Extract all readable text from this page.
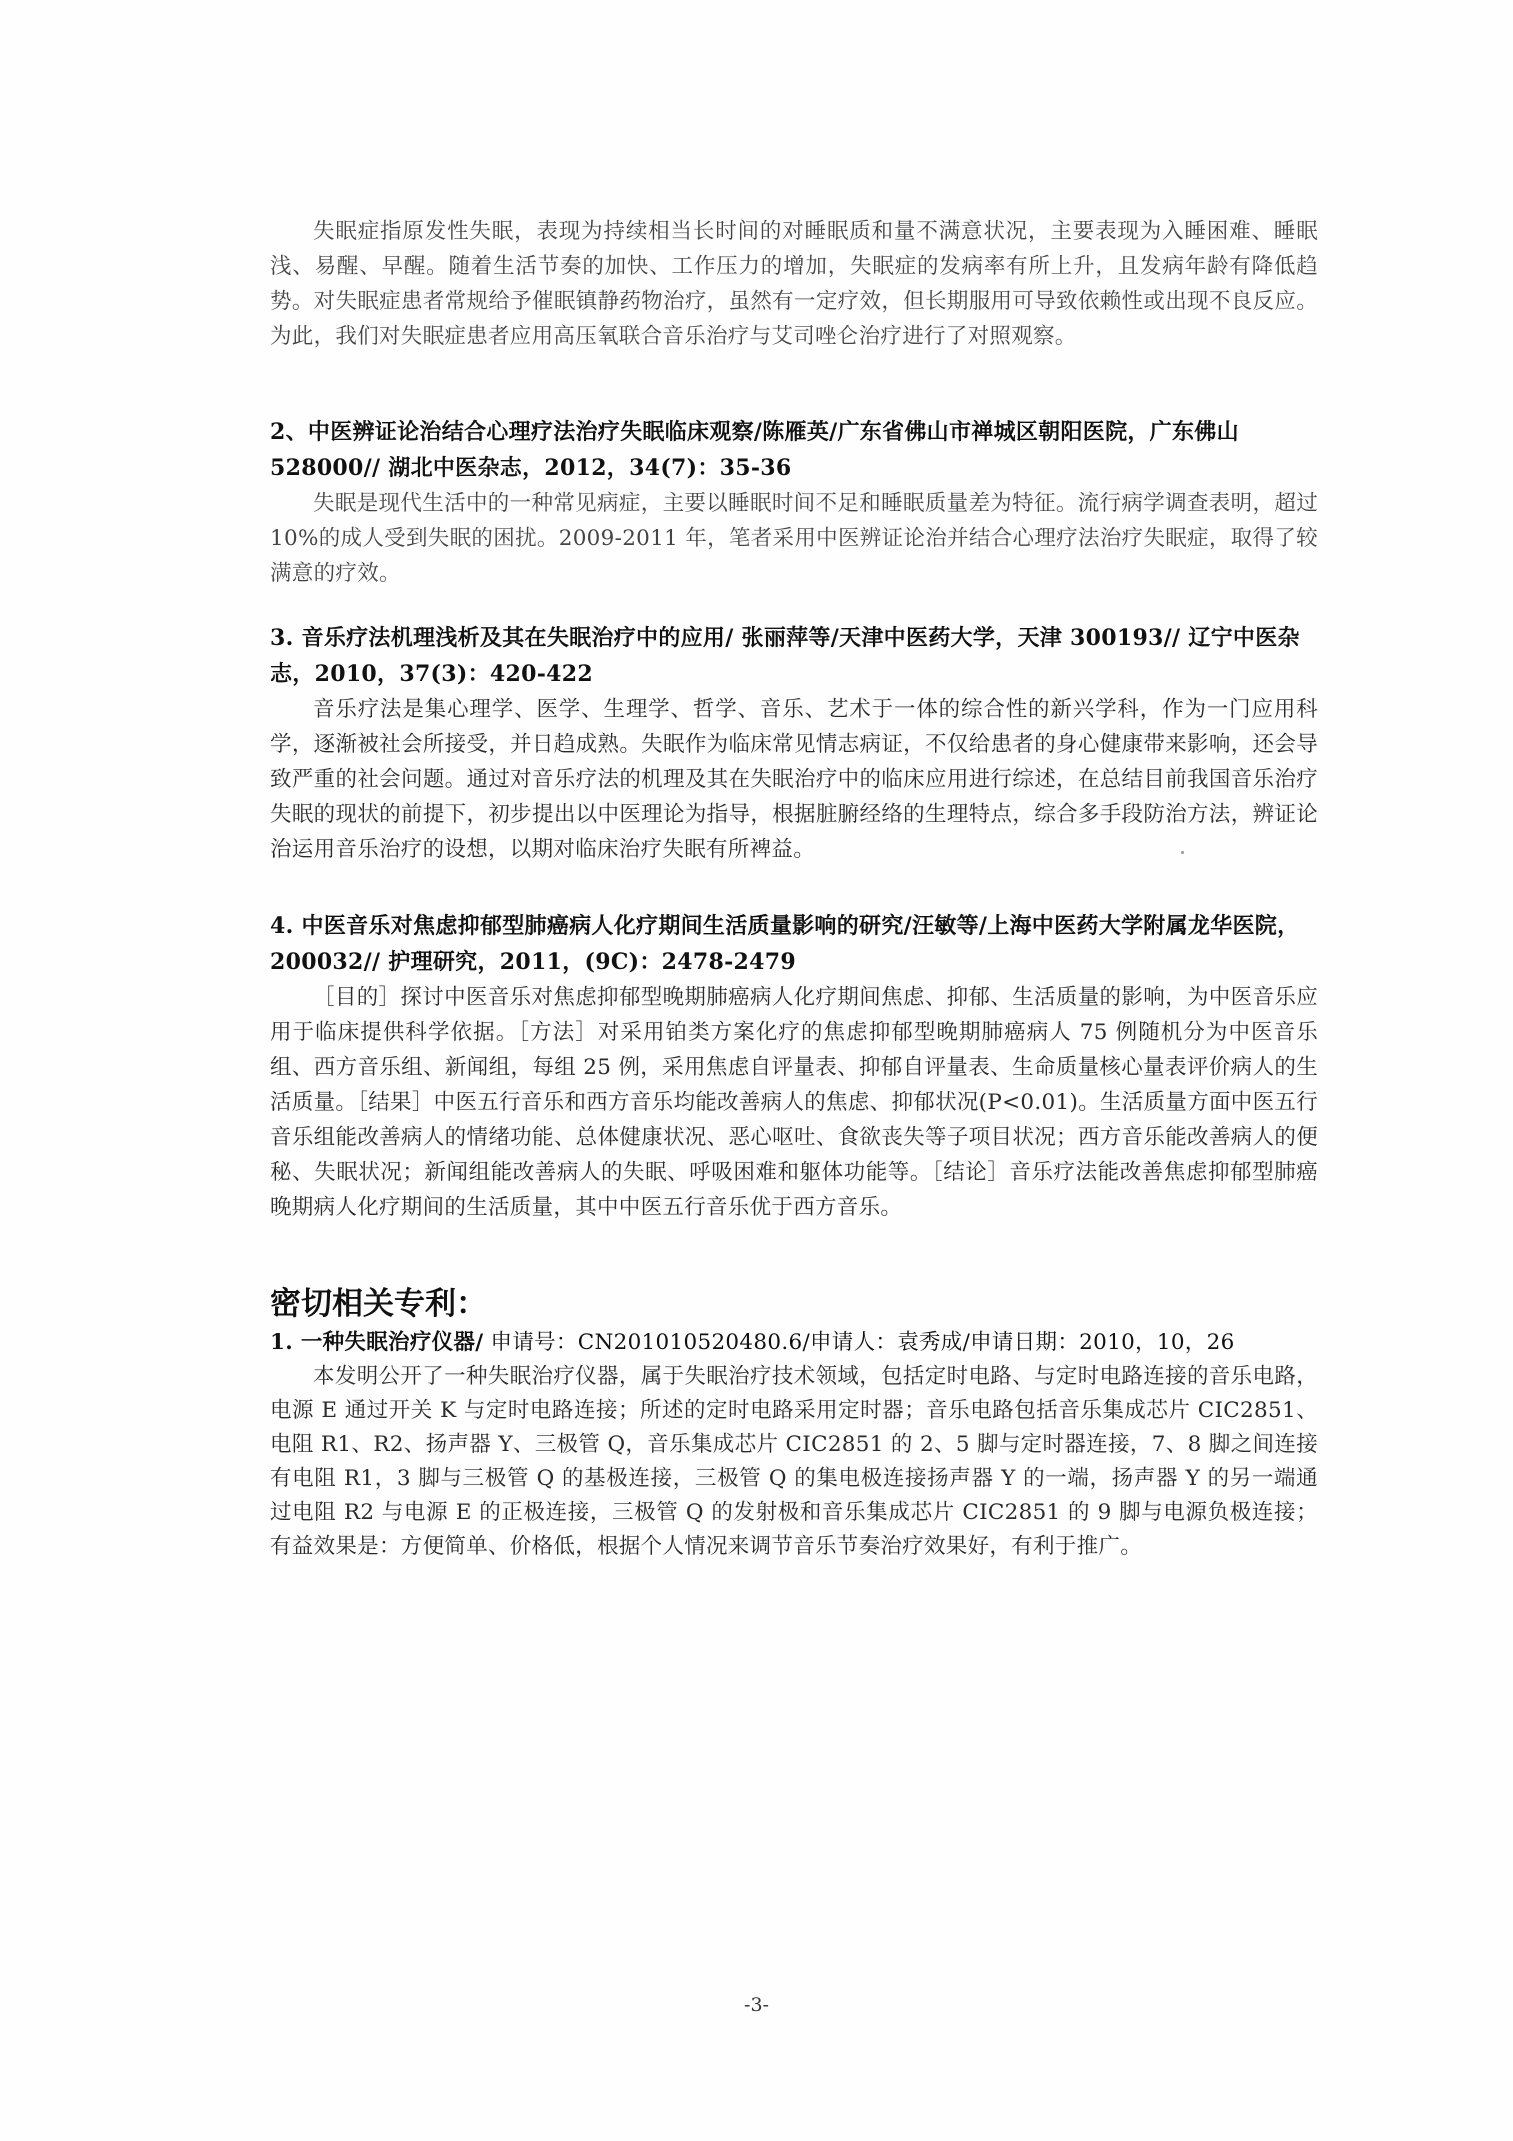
失眠症指原发性失眠，表现为持续相当长时间的对睡眠质和量不满意状况，主要表现为入睡困难、睡眠浅、易醒、早醒。随着生活节奏的加快、工作压力的增加，失眠症的发病率有所上升，且发病年龄有降低趋势。对失眠症患者常规给予催眠镇静药物治疗，虽然有一定疗效，但长期服用可导致依赖性或出现不良反应。为此，我们对失眠症患者应用高压氧联合音乐治疗与艾司唑仑治疗进行了对照观察。

2、中医辨证论治结合心理疗法治疗失眠临床观察/陈雁英/广东省佛山市禅城区朝阳医院，广东佛山 528000// 湖北中医杂志，2012，34(7)：35-36

失眠是现代生活中的一种常见病症，主要以睡眠时间不足和睡眠质量差为特征。流行病学调查表明，超过 10%的成人受到失眠的困扰。2009-2011 年，笔者采用中医辨证论治并结合心理疗法治疗失眠症，取得了较满意的疗效。

3. 音乐疗法机理浅析及其在失眠治疗中的应用/ 张丽萍等/天津中医药大学，天津 300193// 辽宁中医杂志，2010，37(3)：420-422

音乐疗法是集心理学、医学、生理学、哲学、音乐、艺术于一体的综合性的新兴学科，作为一门应用科学，逐渐被社会所接受，并日趋成熟。失眠作为临床常见情志病证，不仅给患者的身心健康带来影响，还会导致严重的社会问题。通过对音乐疗法的机理及其在失眠治疗中的临床应用进行综述，在总结目前我国音乐治疗失眠的现状的前提下，初步提出以中医理论为指导，根据脏腑经络的生理特点，综合多手段防治方法，辨证论治运用音乐治疗的设想，以期对临床治疗失眠有所裨益。

4. 中医音乐对焦虑抑郁型肺癌病人化疗期间生活质量影响的研究/汪敏等/上海中医药大学附属龙华医院，200032// 护理研究，2011，(9C)：2478-2479

［目的］探讨中医音乐对焦虑抑郁型晚期肺癌病人化疗期间焦虑、抑郁、生活质量的影响，为中医音乐应用于临床提供科学依据。［方法］对采用铂类方案化疗的焦虑抑郁型晚期肺癌病人 75 例随机分为中医音乐组、西方音乐组、新闻组，每组 25 例，采用焦虑自评量表、抑郁自评量表、生命质量核心量表评价病人的生活质量。［结果］中医五行音乐和西方音乐均能改善病人的焦虑、抑郁状况(P<0.01)。生活质量方面中医五行音乐组能改善病人的情绪功能、总体健康状况、恶心呕吐、食欲丧失等子项目状况；西方音乐能改善病人的便秘、失眠状况；新闻组能改善病人的失眠、呼吸困难和躯体功能等。［结论］音乐疗法能改善焦虑抑郁型肺癌晚期病人化疗期间的生活质量，其中中医五行音乐优于西方音乐。

密切相关专利：

1. 一种失眠治疗仪器/ 申请号：CN201010520480.6/申请人：袁秀成/申请日期：2010，10，26

本发明公开了一种失眠治疗仪器，属于失眠治疗技术领域，包括定时电路、与定时电路连接的音乐电路，电源 E 通过开关 K 与定时电路连接；所述的定时电路采用定时器；音乐电路包括音乐集成芯片 CIC2851、电阻 R1、R2、扬声器 Y、三极管 Q，音乐集成芯片 CIC2851 的 2、5 脚与定时器连接，7、8 脚之间连接有电阻 R1，3 脚与三极管 Q 的基极连接，三极管 Q 的集电极连接扬声器 Y 的一端，扬声器 Y 的另一端通过电阻 R2 与电源 E 的正极连接，三极管 Q 的发射极和音乐集成芯片 CIC2851 的 9 脚与电源负极连接；有益效果是：方便简单、价格低，根据个人情况来调节音乐节奏治疗效果好，有利于推广。

-3-
